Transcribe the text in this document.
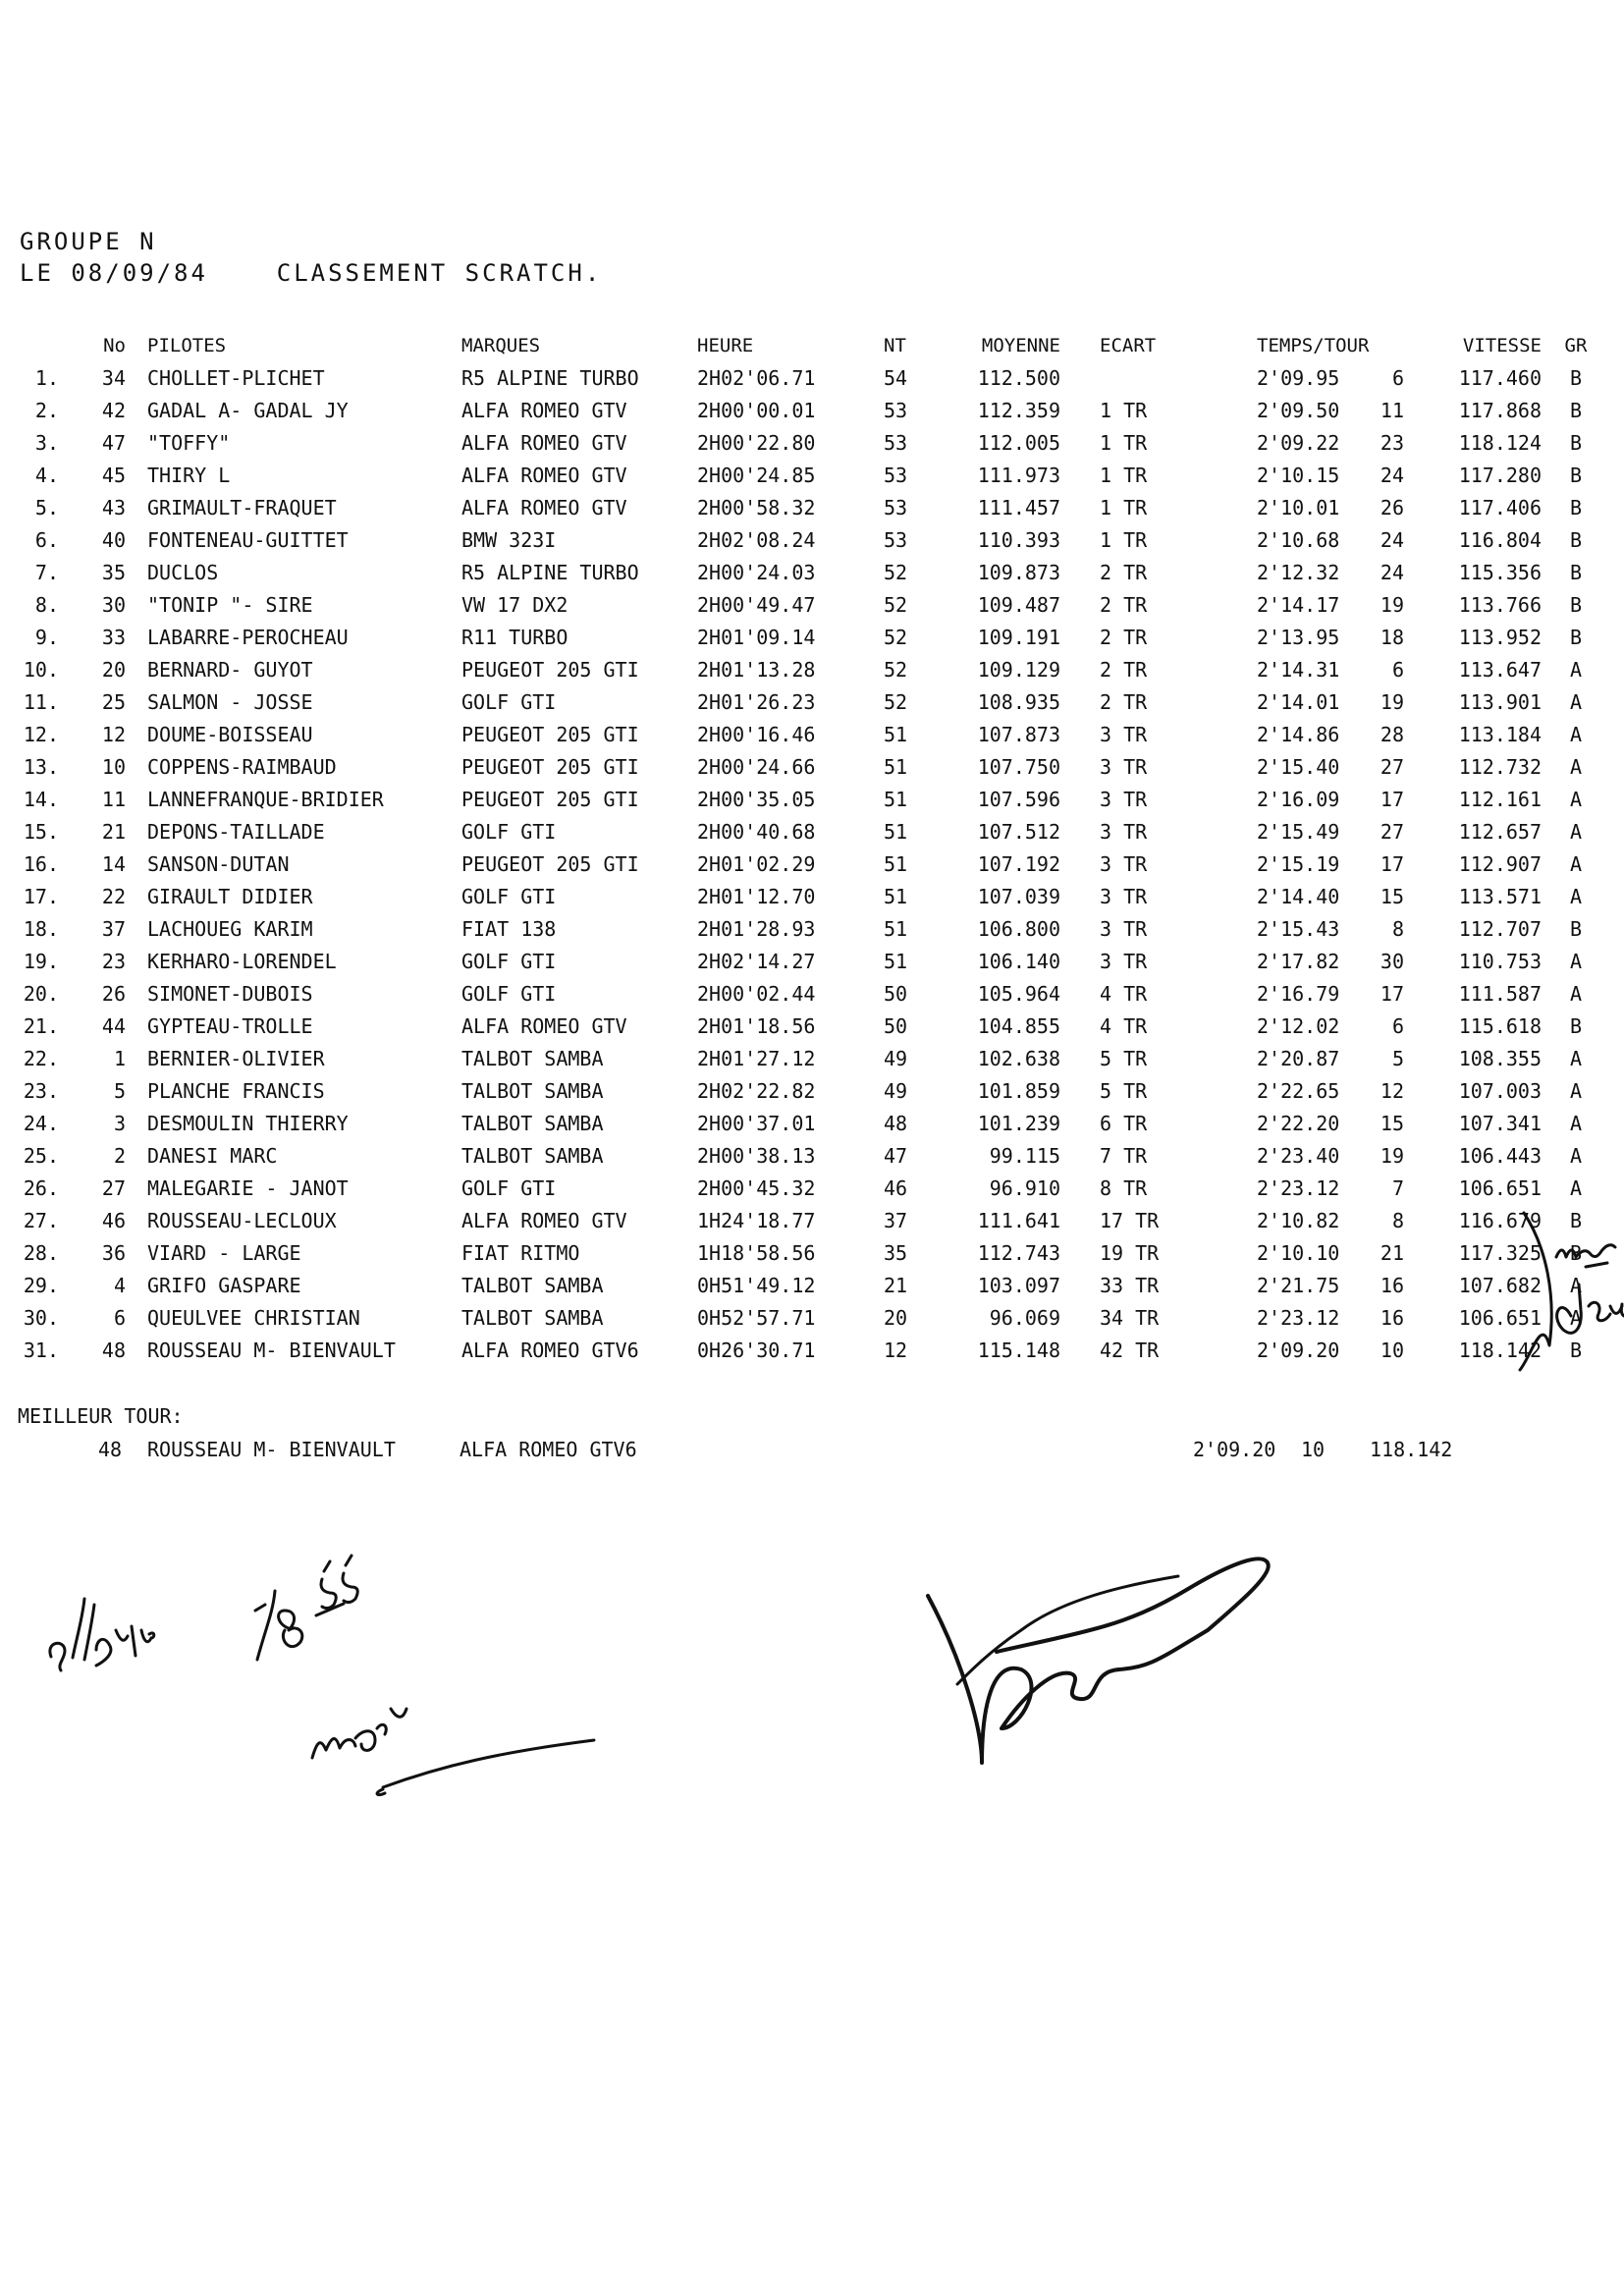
GROUPE N
LE 08/09/84    CLASSEMENT SCRATCH.
	No	PILOTES	MARQUES	HEURE	NT	MOYENNE	ECART	TEMPS/TOUR		VITESSE	GR
1.	34	CHOLLET-PLICHET	R5 ALPINE TURBO	2H02'06.71	54	112.500		2'09.95	6	117.460	B
2.	42	GADAL A- GADAL JY	ALFA ROMEO GTV	2H00'00.01	53	112.359	1 TR	2'09.50	11	117.868	B
3.	47	"TOFFY"	ALFA ROMEO GTV	2H00'22.80	53	112.005	1 TR	2'09.22	23	118.124	B
4.	45	THIRY L	ALFA ROMEO GTV	2H00'24.85	53	111.973	1 TR	2'10.15	24	117.280	B
5.	43	GRIMAULT-FRAQUET	ALFA ROMEO GTV	2H00'58.32	53	111.457	1 TR	2'10.01	26	117.406	B
6.	40	FONTENEAU-GUITTET	BMW 323I	2H02'08.24	53	110.393	1 TR	2'10.68	24	116.804	B
7.	35	DUCLOS	R5 ALPINE TURBO	2H00'24.03	52	109.873	2 TR	2'12.32	24	115.356	B
8.	30	"TONIP "- SIRE	VW 17 DX2	2H00'49.47	52	109.487	2 TR	2'14.17	19	113.766	B
9.	33	LABARRE-PEROCHEAU	R11 TURBO	2H01'09.14	52	109.191	2 TR	2'13.95	18	113.952	B
10.	20	BERNARD- GUYOT	PEUGEOT 205 GTI	2H01'13.28	52	109.129	2 TR	2'14.31	6	113.647	A
11.	25	SALMON - JOSSE	GOLF GTI	2H01'26.23	52	108.935	2 TR	2'14.01	19	113.901	A
12.	12	DOUME-BOISSEAU	PEUGEOT 205 GTI	2H00'16.46	51	107.873	3 TR	2'14.86	28	113.184	A
13.	10	COPPENS-RAIMBAUD	PEUGEOT 205 GTI	2H00'24.66	51	107.750	3 TR	2'15.40	27	112.732	A
14.	11	LANNEFRANQUE-BRIDIER	PEUGEOT 205 GTI	2H00'35.05	51	107.596	3 TR	2'16.09	17	112.161	A
15.	21	DEPONS-TAILLADE	GOLF GTI	2H00'40.68	51	107.512	3 TR	2'15.49	27	112.657	A
16.	14	SANSON-DUTAN	PEUGEOT 205 GTI	2H01'02.29	51	107.192	3 TR	2'15.19	17	112.907	A
17.	22	GIRAULT DIDIER	GOLF GTI	2H01'12.70	51	107.039	3 TR	2'14.40	15	113.571	A
18.	37	LACHOUEG KARIM	FIAT 138	2H01'28.93	51	106.800	3 TR	2'15.43	8	112.707	B
19.	23	KERHARO-LORENDEL	GOLF GTI	2H02'14.27	51	106.140	3 TR	2'17.82	30	110.753	A
20.	26	SIMONET-DUBOIS	GOLF GTI	2H00'02.44	50	105.964	4 TR	2'16.79	17	111.587	A
21.	44	GYPTEAU-TROLLE	ALFA ROMEO GTV	2H01'18.56	50	104.855	4 TR	2'12.02	6	115.618	B
22.	1	BERNIER-OLIVIER	TALBOT SAMBA	2H01'27.12	49	102.638	5 TR	2'20.87	5	108.355	A
23.	5	PLANCHE FRANCIS	TALBOT SAMBA	2H02'22.82	49	101.859	5 TR	2'22.65	12	107.003	A
24.	3	DESMOULIN THIERRY	TALBOT SAMBA	2H00'37.01	48	101.239	6 TR	2'22.20	15	107.341	A
25.	2	DANESI MARC	TALBOT SAMBA	2H00'38.13	47	99.115	7 TR	2'23.40	19	106.443	A
26.	27	MALEGARIE - JANOT	GOLF GTI	2H00'45.32	46	96.910	8 TR	2'23.12	7	106.651	A
27.	46	ROUSSEAU-LECLOUX	ALFA ROMEO GTV	1H24'18.77	37	111.641	17 TR	2'10.82	8	116.679	B
28.	36	VIARD - LARGE	FIAT RITMO	1H18'58.56	35	112.743	19 TR	2'10.10	21	117.325	B
29.	4	GRIFO GASPARE	TALBOT SAMBA	0H51'49.12	21	103.097	33 TR	2'21.75	16	107.682	A
30.	6	QUEULVEE CHRISTIAN	TALBOT SAMBA	0H52'57.71	20	96.069	34 TR	2'23.12	16	106.651	A
31.	48	ROUSSEAU M- BIENVAULT	ALFA ROMEO GTV6	0H26'30.71	12	115.148	42 TR	2'09.20	10	118.142	B
MEILLEUR TOUR:
48 ROUSSEAU M- BIENVAULT	ALFA ROMEO GTV6	2'09.20 10 118.142
